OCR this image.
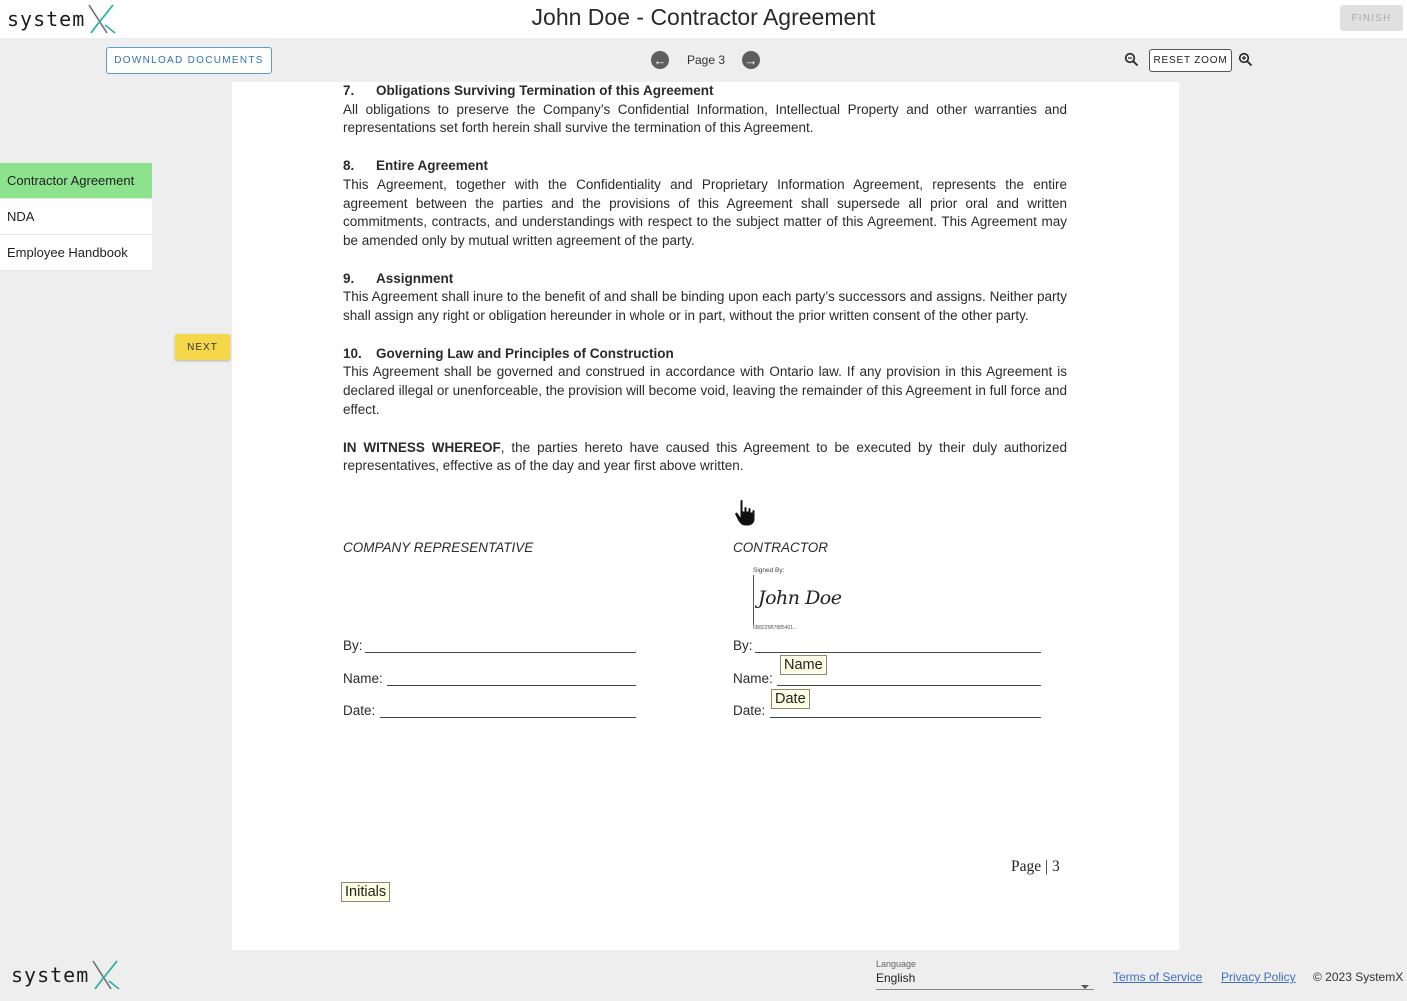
system	John Doe - Contractor Agreement	FINISH
DOWNLOAD DOCUMENTS	← Page 3 →	RESET ZOOM
Contractor Agreement
NDA
Employee Handbook
NEXT
7. Obligations Surviving Termination of this Agreement
All obligations to preserve the Company’s Confidential Information, Intellectual Property and other warranties and representations set forth herein shall survive the termination of this Agreement.
8. Entire Agreement
This Agreement, together with the Confidentiality and Proprietary Information Agreement, represents the entire agreement between the parties and the provisions of this Agreement shall supersede all prior oral and written commitments, contracts, and understandings with respect to the subject matter of this Agreement. This Agreement may be amended only by mutual written agreement of the party.
9. Assignment
This Agreement shall inure to the benefit of and shall be binding upon each party’s successors and assigns. Neither party shall assign any right or obligation hereunder in whole or in part, without the prior written consent of the other party.
10. Governing Law and Principles of Construction
This Agreement shall be governed and construed in accordance with Ontario law. If any provision in this Agreement is declared illegal or unenforceable, the provision will become void, leaving the remainder of this Agreement in full force and effect.
IN WITNESS WHEREOF, the parties hereto have caused this Agreement to be executed by their duly authorized representatives, effective as of the day and year first above written.
COMPANY REPRESENTATIVE	CONTRACTOR
Signed By:
John Doe
6B8225B7885401...
By:
Name:
Date:
By:
Name:
Name
Date:
Date
Initials
Page | 3
system	Language
English	Terms of Service Privacy Policy © 2023 SystemX
